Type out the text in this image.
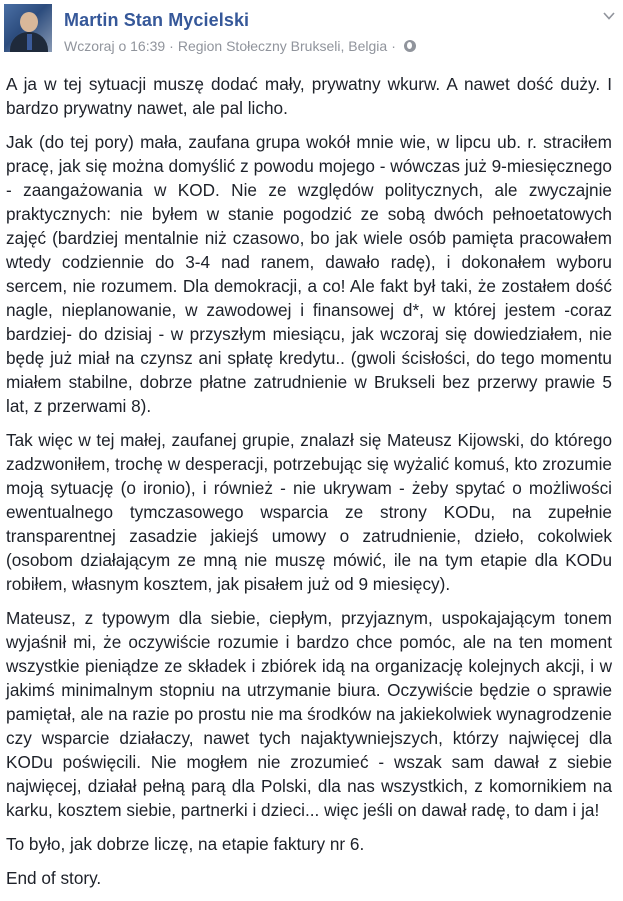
Martin Stan Mycielski
Wczoraj o 16:39 · Region Stołeczny Brukseli, Belgia ·

A ja w tej sytuacji muszę dodać mały, prywatny wkurw. A nawet dość duży. I bardzo prywatny nawet, ale pal licho.

Jak (do tej pory) mała, zaufana grupa wokół mnie wie, w lipcu ub. r. straciłem pracę, jak się można domyślić z powodu mojego - wówczas już 9-miesięcznego - zaangażowania w KOD. Nie ze względów politycznych, ale zwyczajnie praktycznych: nie byłem w stanie pogodzić ze sobą dwóch pełnoetatowych zajęć (bardziej mentalnie niż czasowo, bo jak wiele osób pamięta pracowałem wtedy codziennie do 3-4 nad ranem, dawało radę), i dokonałem wyboru sercem, nie rozumem. Dla demokracji, a co! Ale fakt był taki, że zostałem dość nagle, nieplanowanie, w zawodowej i finansowej d*, w której jestem -coraz bardziej- do dzisiaj - w przyszłym miesiącu, jak wczoraj się dowiedziałem, nie będę już miał na czynsz ani spłatę kredytu.. (gwoli ścisłości, do tego momentu miałem stabilne, dobrze płatne zatrudnienie w Brukseli bez przerwy prawie 5 lat, z przerwami 8).

Tak więc w tej małej, zaufanej grupie, znalazł się Mateusz Kijowski, do którego zadzwoniłem, trochę w desperacji, potrzebując się wyżalić komuś, kto zrozumie moją sytuację (o ironio), i również - nie ukrywam - żeby spytać o możliwości ewentualnego tymczasowego wsparcia ze strony KODu, na zupełnie transparentnej zasadzie jakiejś umowy o zatrudnienie, dzieło, cokolwiek (osobom działającym ze mną nie muszę mówić, ile na tym etapie dla KODu robiłem, własnym kosztem, jak pisałem już od 9 miesięcy).

Mateusz, z typowym dla siebie, ciepłym, przyjaznym, uspokajającym tonem wyjaśnił mi, że oczywiście rozumie i bardzo chce pomóc, ale na ten moment wszystkie pieniądze ze składek i zbiórek idą na organizację kolejnych akcji, i w jakimś minimalnym stopniu na utrzymanie biura. Oczywiście będzie o sprawie pamiętał, ale na razie po prostu nie ma środków na jakiekolwiek wynagrodzenie czy wsparcie działaczy, nawet tych najaktywniejszych, którzy najwięcej dla KODu poświęcili. Nie mogłem nie zrozumieć - wszak sam dawał z siebie najwięcej, działał pełną parą dla Polski, dla nas wszystkich, z komornikiem na karku, kosztem siebie, partnerki i dzieci... więc jeśli on dawał radę, to dam i ja!

To było, jak dobrze liczę, na etapie faktury nr 6.

End of story.
